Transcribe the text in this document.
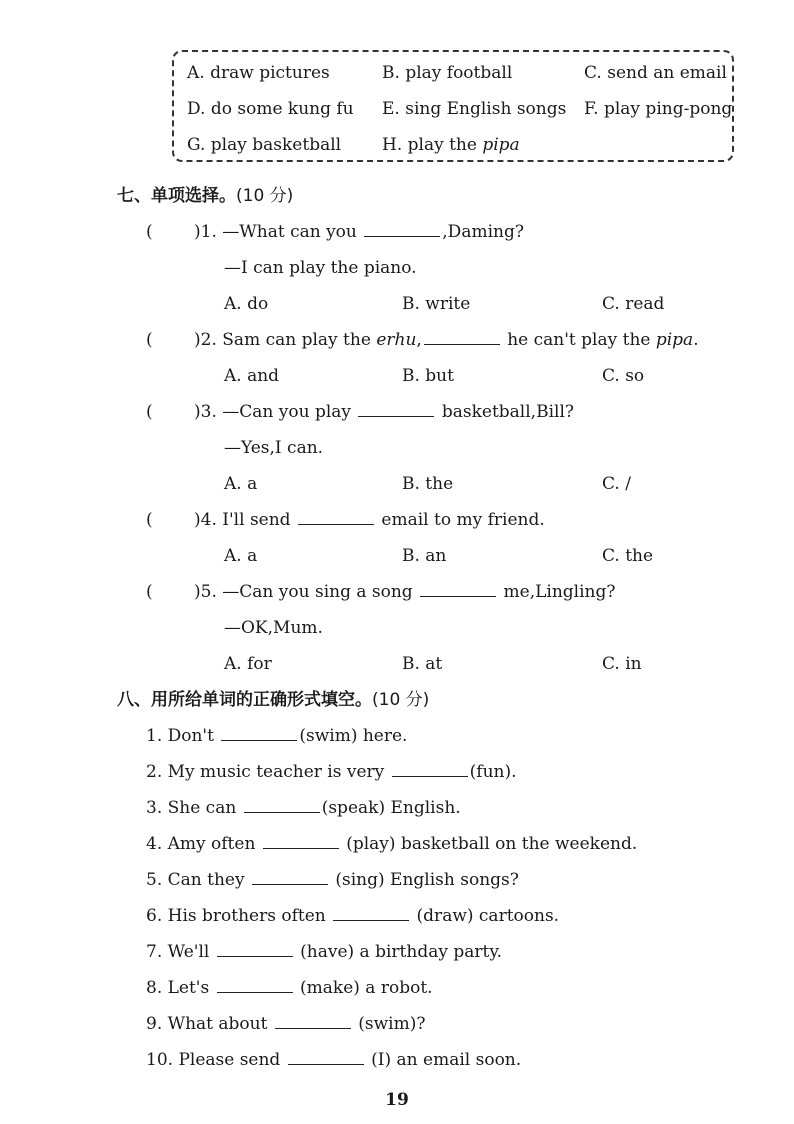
A. draw pictures	B. play football	C. send an email
D. do some kung fu E. sing English songs F. play ping-pong
G. play basketball H. play the pipa
七、单项选择。(10 分)
( )1. —What can you	,Daming?
—I can play the piano.
A. do	B. write	C. read
( )2. Sam can play the erhu,	he can't play the pipa.
A. and	B. but	C. so
( )3. —Can you play	basketball,Bill?
—Yes,I can.
A. a	B. the	C. /
( )4. I'll send	email to my friend.
A. a	B. an	C. the
( )5. —Can you sing a song	me,Lingling?
—OK,Mum.
A. for	B. at	C. in
八、用所给单词的正确形式填空。(10 分)
1. Don't	(swim) here.
2. My music teacher is very	(fun).
3. She can	(speak) English.
4. Amy often	(play) basketball on the weekend.
5. Can they	(sing) English songs?
6. His brothers often	(draw) cartoons.
7. We'll	(have) a birthday party.
8. Let's	(make) a robot.
9. What about	(swim)?
10. Please send	(I) an email soon.
19
